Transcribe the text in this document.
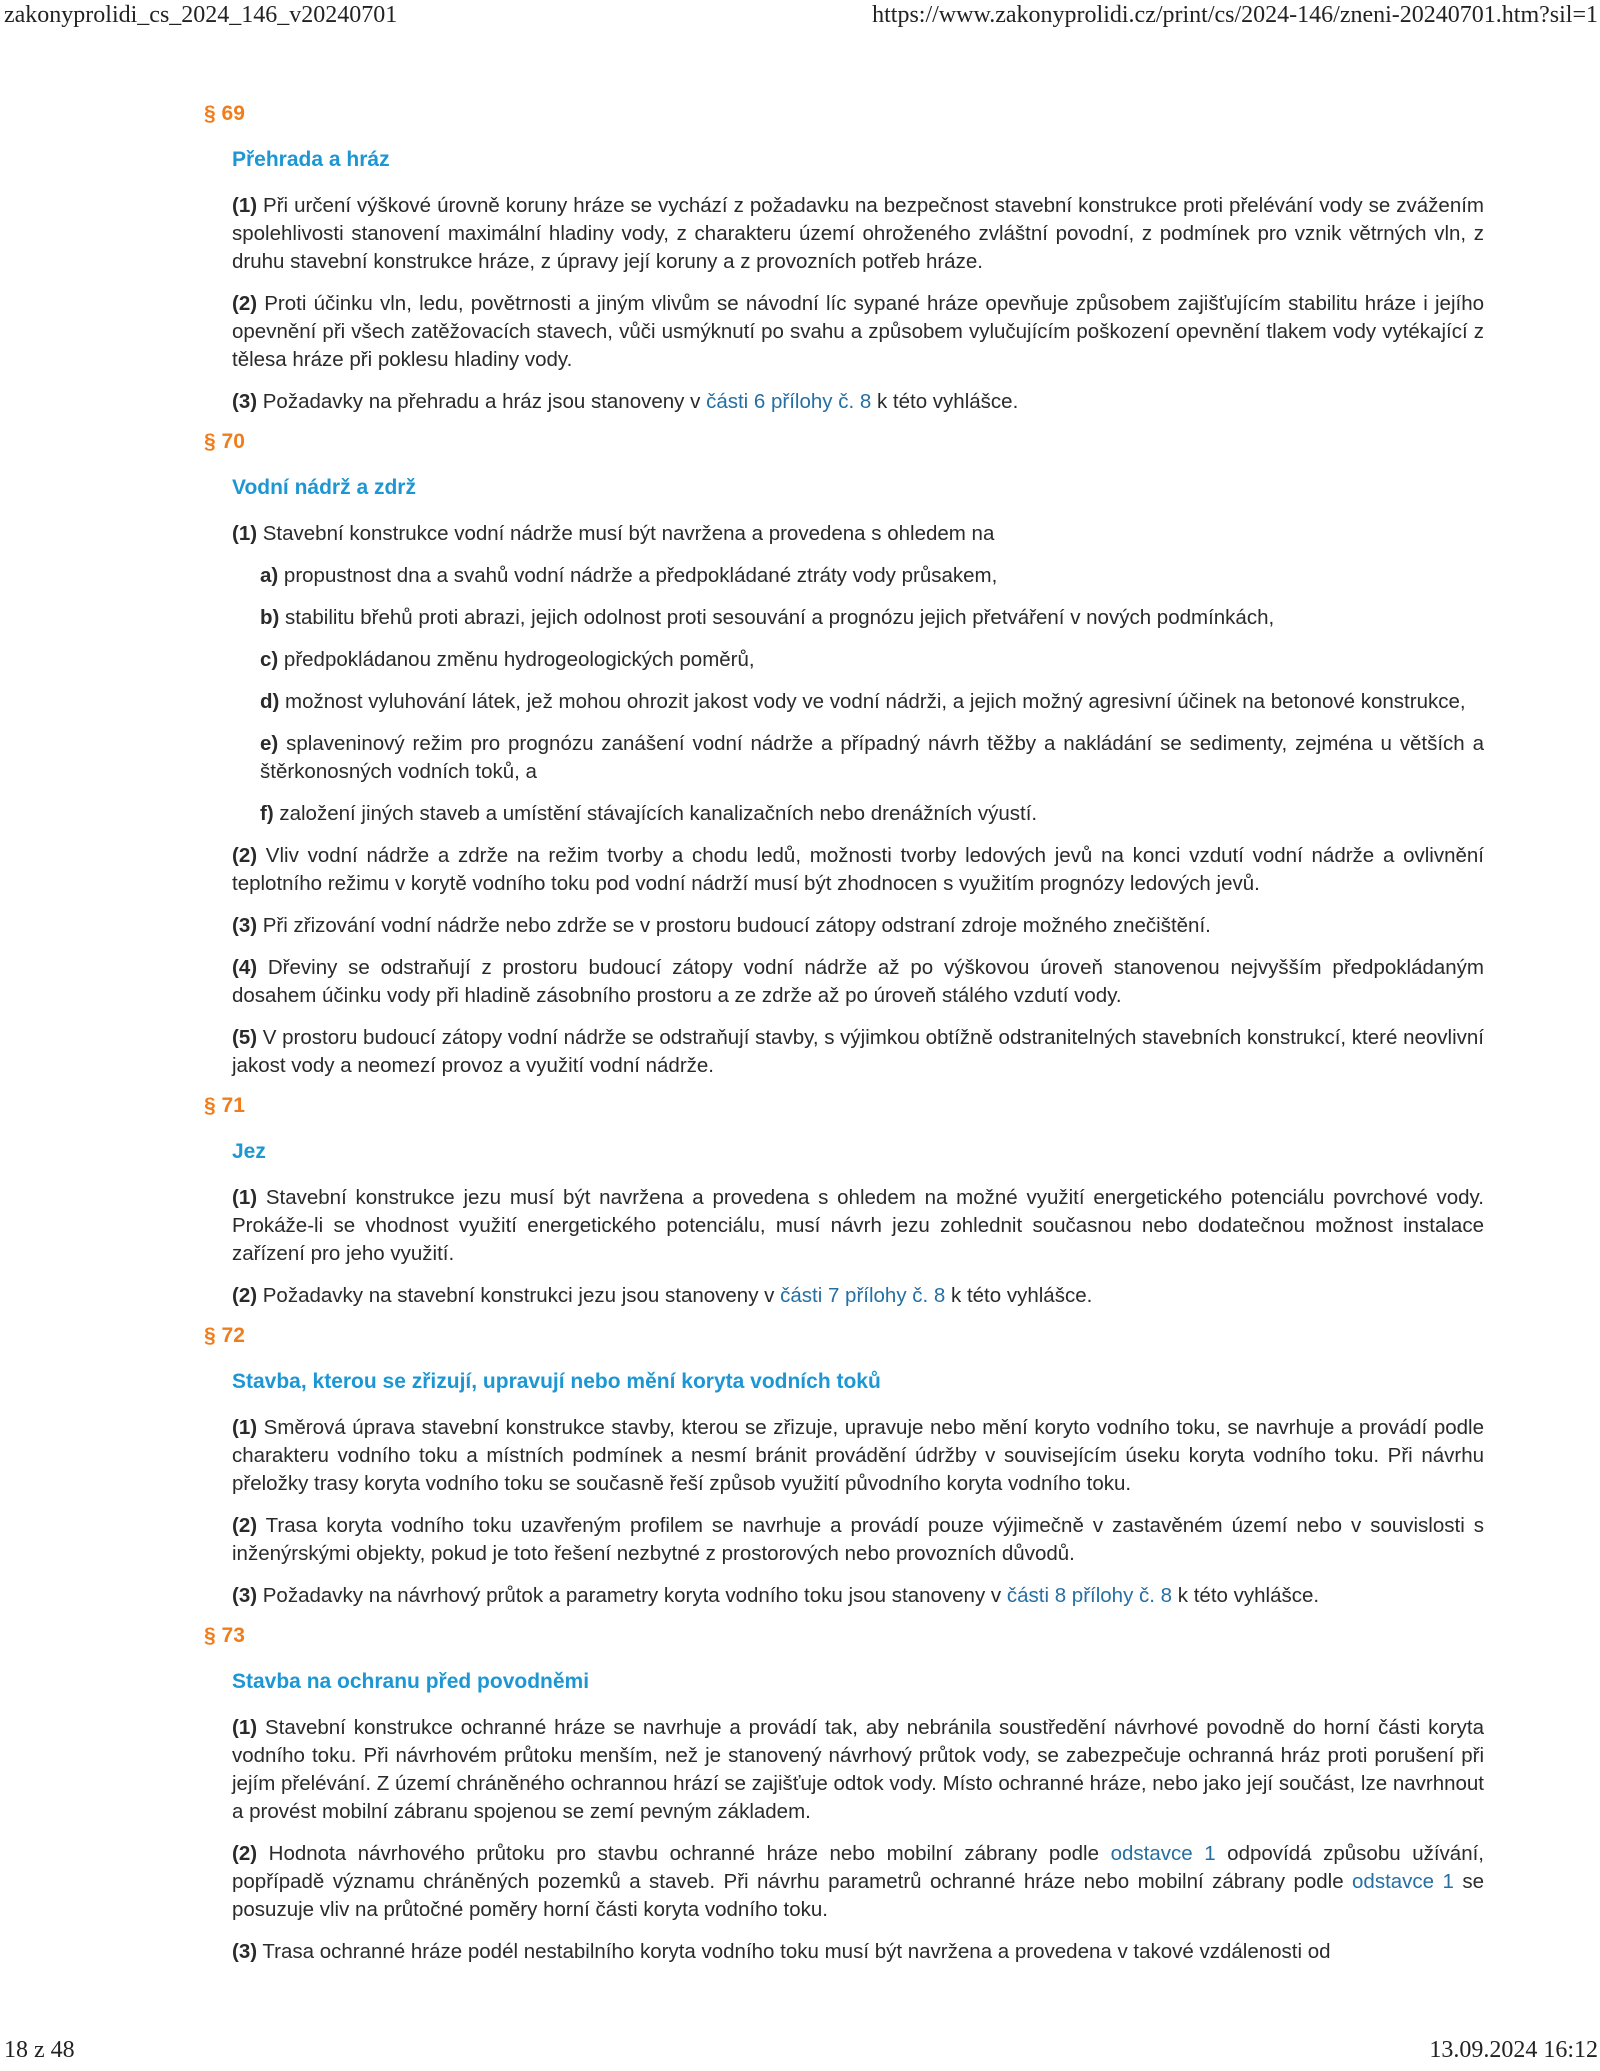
zakonyprolidi_cs_2024_146_v20240701	https://www.zakonyprolidi.cz/print/cs/2024-146/zneni-20240701.htm?sil=1
§ 69
Přehrada a hráz

(1) Při určení výškové úrovně koruny hráze se vychází z požadavku na bezpečnost stavební konstrukce proti přelévání vody se zvážením spolehlivosti stanovení maximální hladiny vody, z charakteru území ohroženého zvláštní povodní, z podmínek pro vznik větrných vln, z druhu stavební konstrukce hráze, z úpravy její koruny a z provozních potřeb hráze.

(2) Proti účinku vln, ledu, povětrnosti a jiným vlivům se návodní líc sypané hráze opevňuje způsobem zajišťujícím stabilitu hráze i jejího opevnění při všech zatěžovacích stavech, vůči usmýknutí po svahu a způsobem vylučujícím poškození opevnění tlakem vody vytékající z tělesa hráze při poklesu hladiny vody.

(3) Požadavky na přehradu a hráz jsou stanoveny v části 6 přílohy č. 8 k této vyhlášce.

§ 70
Vodní nádrž a zdrž

(1) Stavební konstrukce vodní nádrže musí být navržena a provedena s ohledem na

a) propustnost dna a svahů vodní nádrže a předpokládané ztráty vody průsakem,

b) stabilitu břehů proti abrazi, jejich odolnost proti sesouvání a prognózu jejich přetváření v nových podmínkách,

c) předpokládanou změnu hydrogeologických poměrů,

d) možnost vyluhování látek, jež mohou ohrozit jakost vody ve vodní nádrži, a jejich možný agresivní účinek na betonové konstrukce,

e) splaveninový režim pro prognózu zanášení vodní nádrže a případný návrh těžby a nakládání se sedimenty, zejména u větších a štěrkonosných vodních toků, a

f) založení jiných staveb a umístění stávajících kanalizačních nebo drenážních výustí.

(2) Vliv vodní nádrže a zdrže na režim tvorby a chodu ledů, možnosti tvorby ledových jevů na konci vzdutí vodní nádrže a ovlivnění teplotního režimu v korytě vodního toku pod vodní nádrží musí být zhodnocen s využitím prognózy ledových jevů.

(3) Při zřizování vodní nádrže nebo zdrže se v prostoru budoucí zátopy odstraní zdroje možného znečištění.

(4) Dřeviny se odstraňují z prostoru budoucí zátopy vodní nádrže až po výškovou úroveň stanovenou nejvyšším předpokládaným dosahem účinku vody při hladině zásobního prostoru a ze zdrže až po úroveň stálého vzdutí vody.

(5) V prostoru budoucí zátopy vodní nádrže se odstraňují stavby, s výjimkou obtížně odstranitelných stavebních konstrukcí, které neovlivní jakost vody a neomezí provoz a využití vodní nádrže.

§ 71
Jez

(1) Stavební konstrukce jezu musí být navržena a provedena s ohledem na možné využití energetického potenciálu povrchové vody. Prokáže-li se vhodnost využití energetického potenciálu, musí návrh jezu zohlednit současnou nebo dodatečnou možnost instalace zařízení pro jeho využití.

(2) Požadavky na stavební konstrukci jezu jsou stanoveny v části 7 přílohy č. 8 k této vyhlášce.

§ 72
Stavba, kterou se zřizují, upravují nebo mění koryta vodních toků

(1) Směrová úprava stavební konstrukce stavby, kterou se zřizuje, upravuje nebo mění koryto vodního toku, se navrhuje a provádí podle charakteru vodního toku a místních podmínek a nesmí bránit provádění údržby v souvisejícím úseku koryta vodního toku. Při návrhu přeložky trasy koryta vodního toku se současně řeší způsob využití původního koryta vodního toku.

(2) Trasa koryta vodního toku uzavřeným profilem se navrhuje a provádí pouze výjimečně v zastavěném území nebo v souvislosti s inženýrskými objekty, pokud je toto řešení nezbytné z prostorových nebo provozních důvodů.

(3) Požadavky na návrhový průtok a parametry koryta vodního toku jsou stanoveny v části 8 přílohy č. 8 k této vyhlášce.

§ 73
Stavba na ochranu před povodněmi

(1) Stavební konstrukce ochranné hráze se navrhuje a provádí tak, aby nebránila soustředění návrhové povodně do horní části koryta vodního toku. Při návrhovém průtoku menším, než je stanovený návrhový průtok vody, se zabezpečuje ochranná hráz proti porušení při jejím přelévání. Z území chráněného ochrannou hrází se zajišťuje odtok vody. Místo ochranné hráze, nebo jako její součást, lze navrhnout a provést mobilní zábranu spojenou se zemí pevným základem.

(2) Hodnota návrhového průtoku pro stavbu ochranné hráze nebo mobilní zábrany podle odstavce 1 odpovídá způsobu užívání, popřípadě významu chráněných pozemků a staveb. Při návrhu parametrů ochranné hráze nebo mobilní zábrany podle odstavce 1 se posuzuje vliv na průtočné poměry horní části koryta vodního toku.

(3) Trasa ochranné hráze podél nestabilního koryta vodního toku musí být navržena a provedena v takové vzdálenosti od

18 z 48	13.09.2024 16:12
